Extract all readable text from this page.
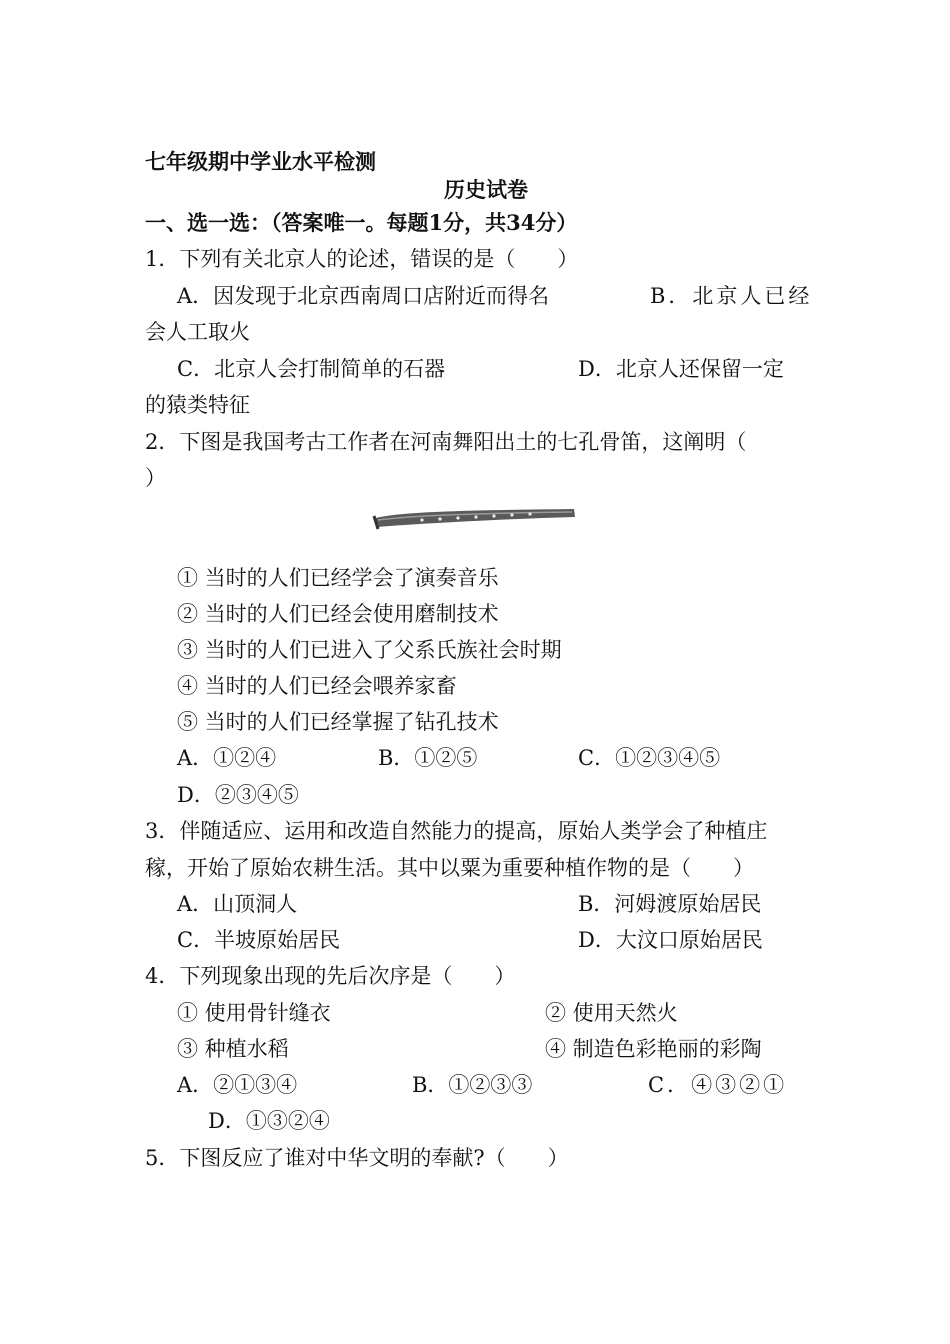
七年级期中学业水平检测
历史试卷
一、选一选：（答案唯一。每题1分，共34分）
1．下列有关北京人的论述，错误的是（　　）
A．因发现于北京西南周口店附近而得名	B．北京人已经
会人工取火
C．北京人会打制简单的石器	D．北京人还保留一定
的猿类特征
2．下图是我国考古工作者在河南舞阳出土的七孔骨笛，这阐明（
）
① 当时的人们已经学会了演奏音乐
② 当时的人们已经会使用磨制技术
③ 当时的人们已进入了父系氏族社会时期
④ 当时的人们已经会喂养家畜
⑤ 当时的人们已经掌握了钻孔技术
A．①②④	B．①②⑤	C．①②③④⑤
D．②③④⑤
3．伴随适应、运用和改造自然能力的提高，原始人类学会了种植庄
稼，开始了原始农耕生活。其中以粟为重要种植作物的是（　　）
A．山顶洞人	B．河姆渡原始居民
C．半坡原始居民	D．大汶口原始居民
4．下列现象出现的先后次序是（　　）
① 使用骨针缝衣	② 使用天然火
③ 种植水稻	④ 制造色彩艳丽的彩陶
A．②①③④	B．①②③③	C．④③②①
D．①③②④
5．下图反应了谁对中华文明的奉献?（　　）
